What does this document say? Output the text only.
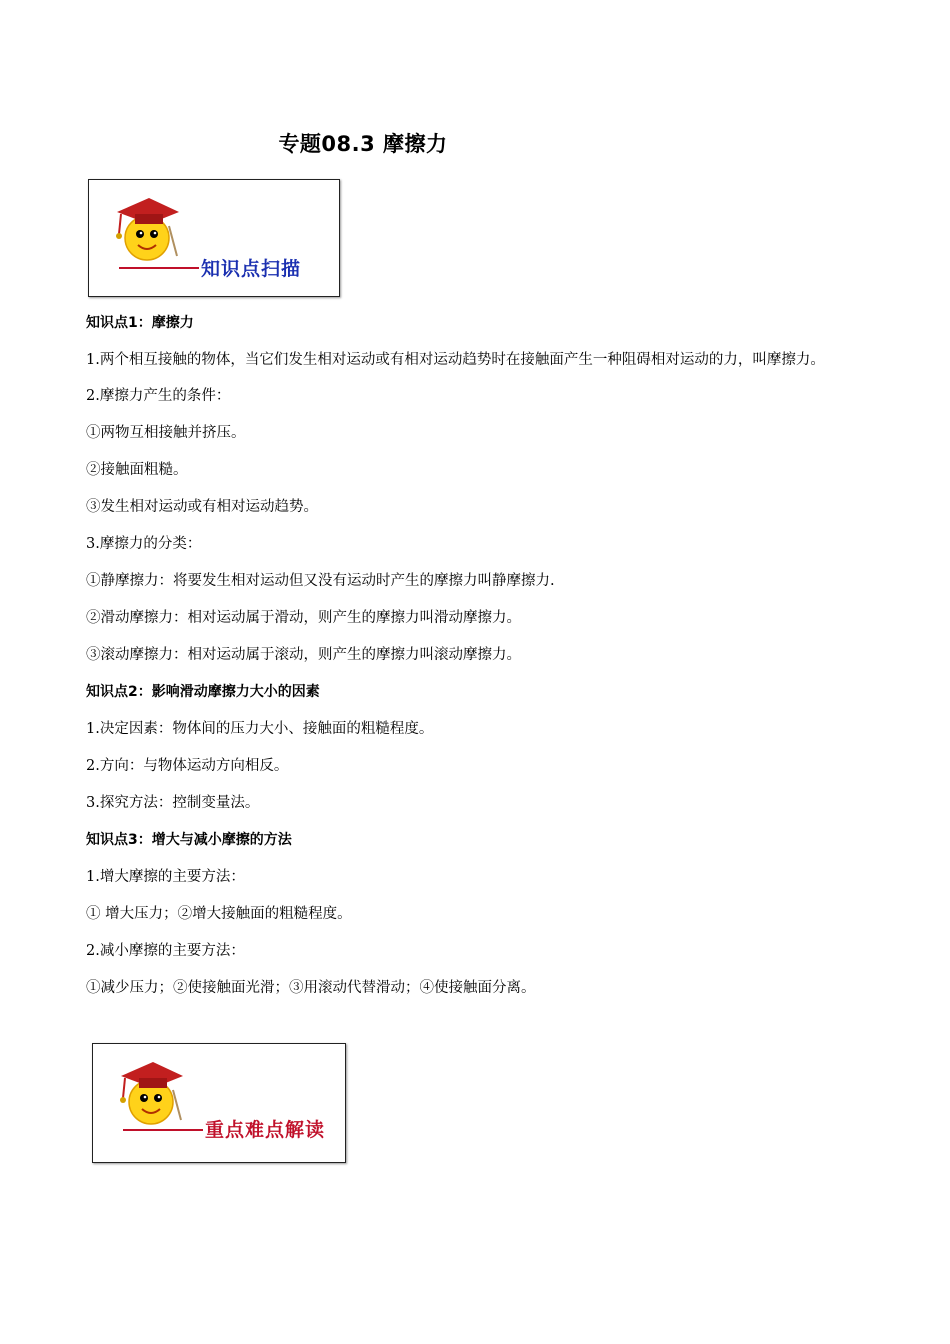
专题08.3 摩擦力
知识点扫描
知识点1：摩擦力
1.两个相互接触的物体，当它们发生相对运动或有相对运动趋势时在接触面产生一种阻碍相对运动的力，叫摩擦力。
2.摩擦力产生的条件：
①两物互相接触并挤压。
②接触面粗糙。
③发生相对运动或有相对运动趋势。
3.摩擦力的分类：
①静摩擦力：将要发生相对运动但又没有运动时产生的摩擦力叫静摩擦力.
②滑动摩擦力：相对运动属于滑动，则产生的摩擦力叫滑动摩擦力。
③滚动摩擦力：相对运动属于滚动，则产生的摩擦力叫滚动摩擦力。
知识点2：影响滑动摩擦力大小的因素
1.决定因素：物体间的压力大小、接触面的粗糙程度。
2.方向：与物体运动方向相反。
3.探究方法：控制变量法。
知识点3：增大与减小摩擦的方法
1.增大摩擦的主要方法：
① 增大压力；②增大接触面的粗糙程度。
2.减小摩擦的主要方法：
①减少压力；②使接触面光滑；③用滚动代替滑动；④使接触面分离。
重点难点解读
